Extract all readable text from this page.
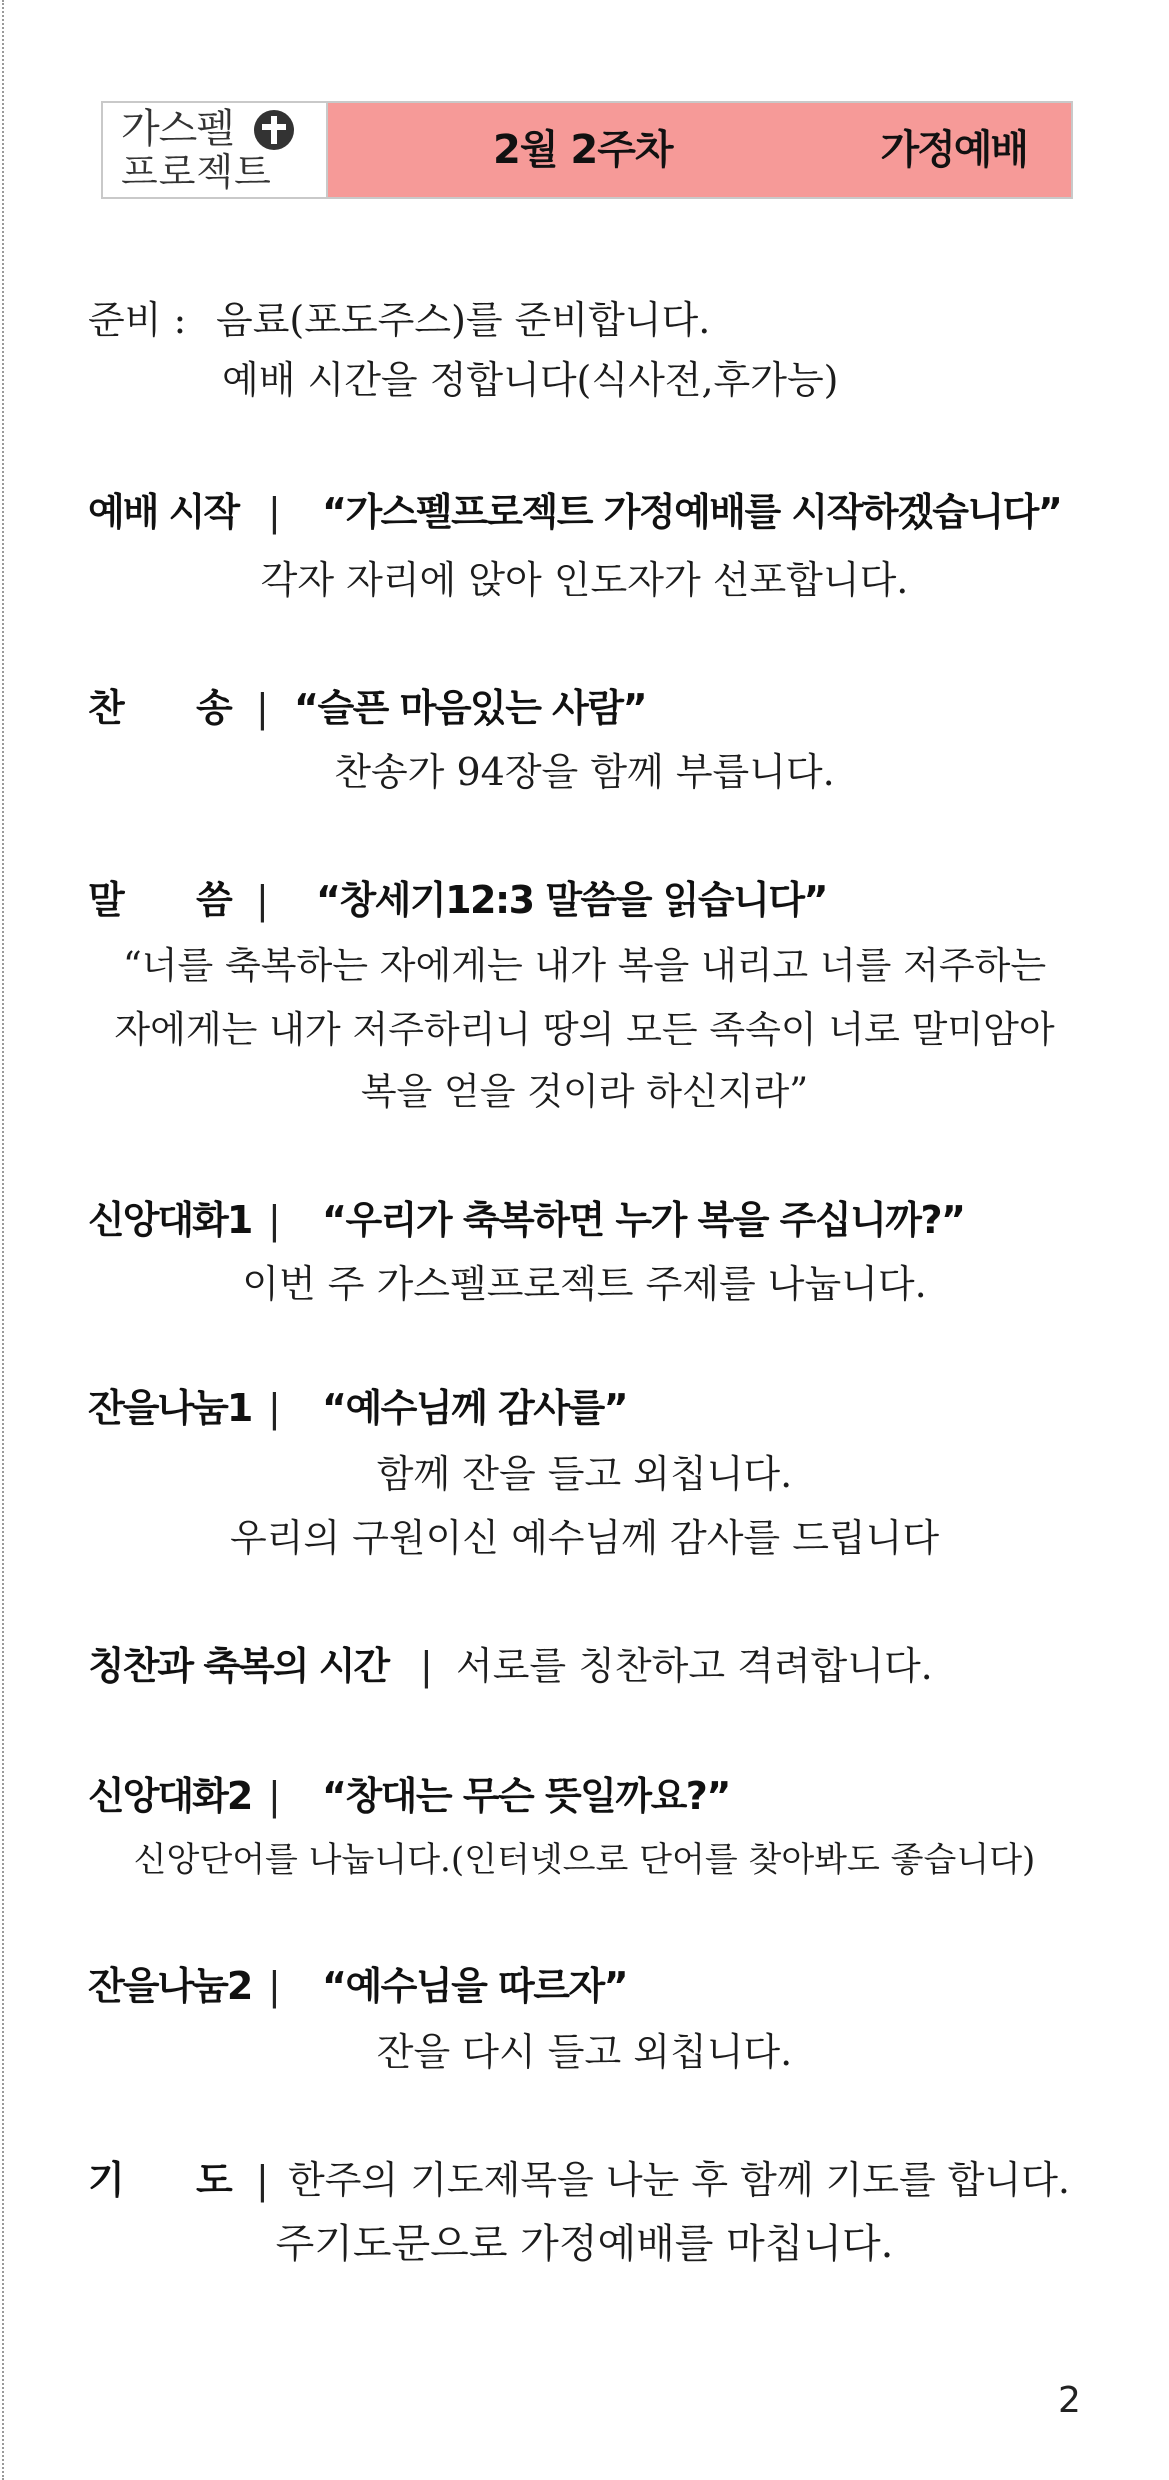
가스펠
프로젝트	2월 2주차	가정예배
준비 : 음료(포도주스)를 준비합니다.
예배 시간을 정합니다(식사전,후가능)
예배 시작 | “가스펠프로젝트 가정예배를 시작하겠습니다”
각자 자리에 앉아 인도자가 선포합니다.
찬 송 | “슬픈 마음있는 사람”
찬송가 94장을 함께 부릅니다.
말 씀 | “창세기12:3 말씀을 읽습니다”
“너를 축복하는 자에게는 내가 복을 내리고 너를 저주하는
자에게는 내가 저주하리니 땅의 모든 족속이 너로 말미암아
복을 얻을 것이라 하신지라”
신앙대화1 | “우리가 축복하면 누가 복을 주십니까?”
이번 주 가스펠프로젝트 주제를 나눕니다.
잔을나눔1 | “예수님께 감사를”
함께 잔을 들고 외칩니다.
우리의 구원이신 예수님께 감사를 드립니다
칭찬과 축복의 시간 | 서로를 칭찬하고 격려합니다.
신앙대화2 | “창대는 무슨 뜻일까요?”
신앙단어를 나눕니다.(인터넷으로 단어를 찾아봐도 좋습니다)
잔을나눔2 | “예수님을 따르자”
잔을 다시 들고 외칩니다.
기 도 | 한주의 기도제목을 나눈 후 함께 기도를 합니다.
주기도문으로 가정예배를 마칩니다.
2
